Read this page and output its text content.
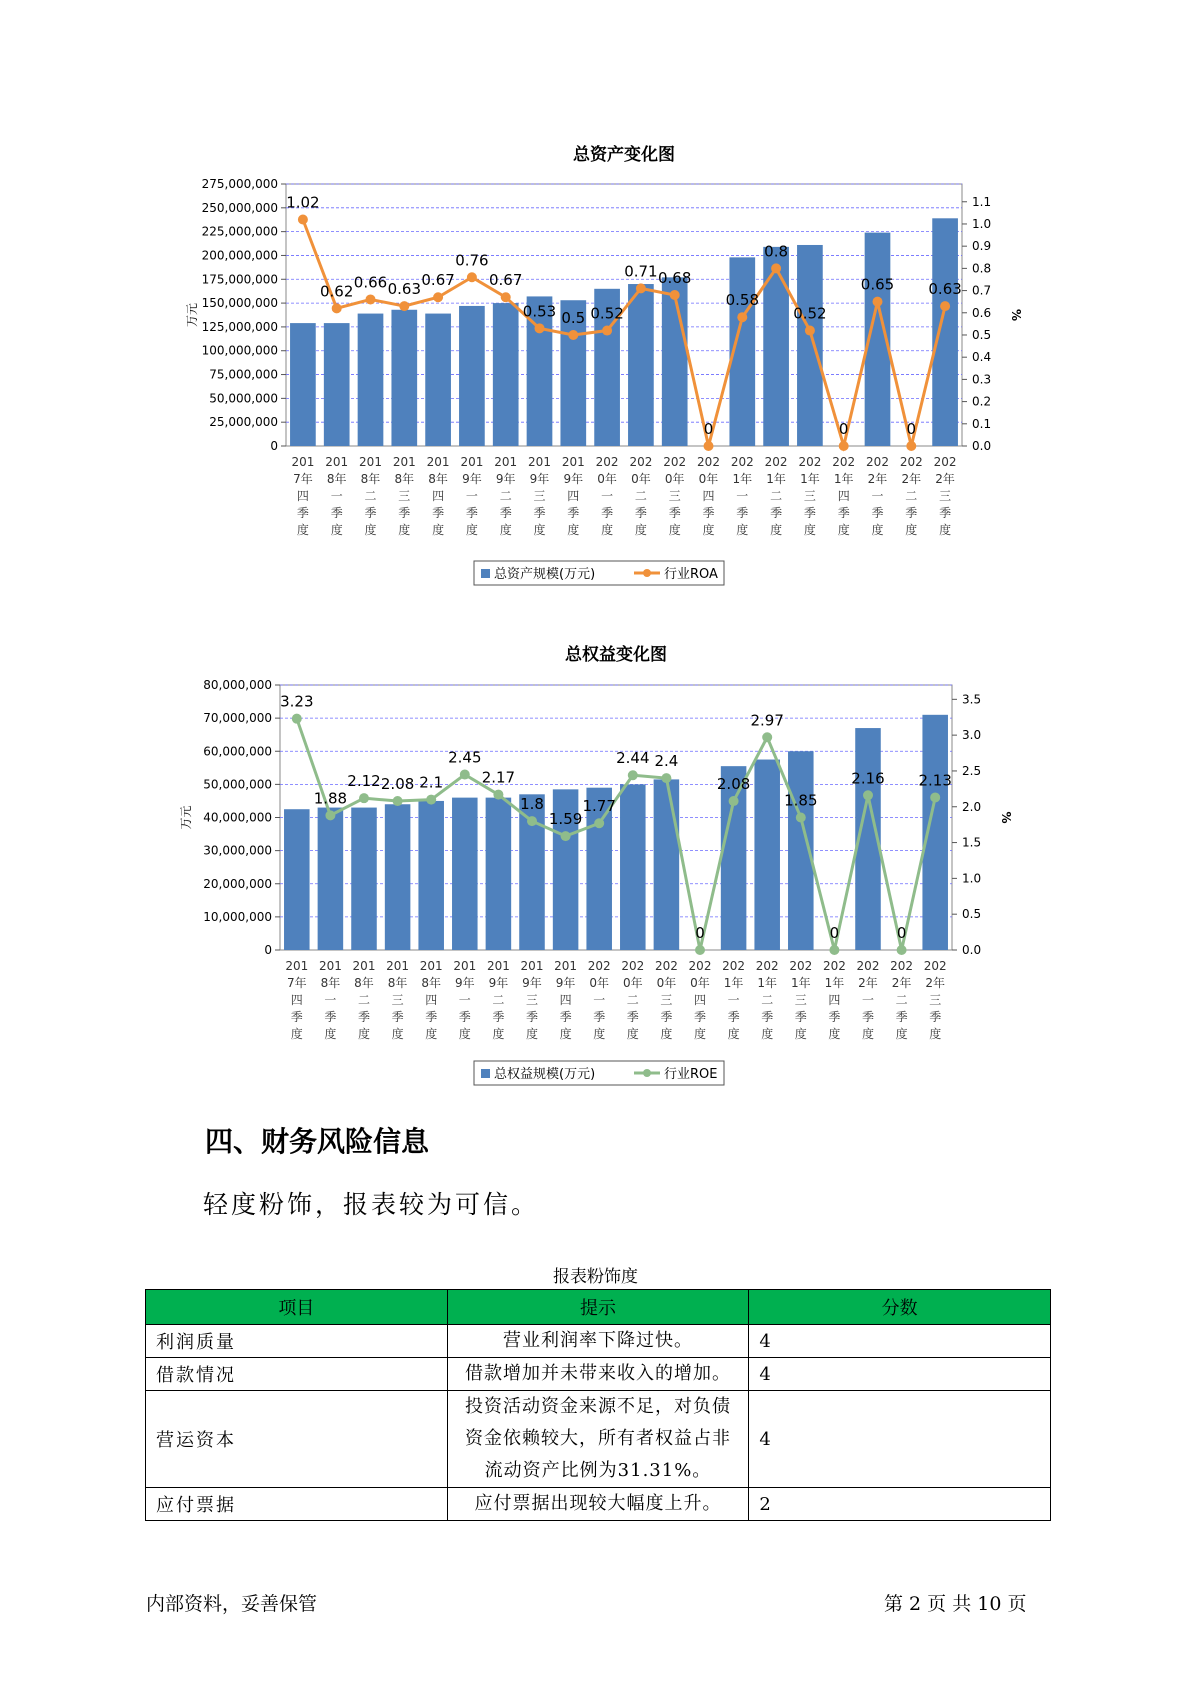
总资产变化图
0
25,000,000
50,000,000
75,000,000
100,000,000
125,000,000
150,000,000
175,000,000
200,000,000
225,000,000
250,000,000
275,000,000
0.0
0.1
0.2
0.3
0.4
0.5
0.6
0.7
0.8
0.9
1.0
1.1
万元	%
1.02
0.62 0.66 0.63 0.67
0.76
0.67
0.53 0.5 0.52
0.71 0.68
0
0.58
0.8
0.52
0
0.65
0
0.63
201 7年四季度
201 8年一季度
201 8年二季度
201 8年三季度
201 8年四季度
201 9年一季度
201 9年二季度
201 9年三季度
201 9年四季度
202 0年一季度
202 0年二季度
202 0年三季度
202 0年四季度
202 1年一季度
202 1年二季度
202 1年三季度
202 1年四季度
202 2年一季度
202 2年二季度
202 2年三季度
总资产规模(万元)	行业ROA
总权益变化图
0
10,000,000
20,000,000
30,000,000
40,000,000
50,000,000
60,000,000
70,000,000
80,000,000
0.0
0.5
1.0
1.5
2.0
2.5
3.0
3.5
万元	%
3.23
1.88
2.12 2.08 2.1
2.45
2.17
1.8
1.59
1.77
2.44 2.4
0
2.08
2.97
1.85
0
2.16
0
2.13
201 7年四季度
201 8年一季度
201 8年二季度
201 8年三季度
201 8年四季度
201 9年一季度
201 9年二季度
201 9年三季度
201 9年四季度
202 0年一季度
202 0年二季度
202 0年三季度
202 0年四季度
202 1年一季度
202 1年二季度
202 1年三季度
202 1年四季度
202 2年一季度
202 2年二季度
202 2年三季度
总权益规模(万元)	行业ROE
四、财务风险信息
轻度粉饰，报表较为可信。
报表粉饰度
项目	提示	分数
利润质量	营业利润率下降过快。	4
借款情况	借款增加并未带来收入的增加。	4
营运资本	投资活动资金来源不足，对负债资金依赖较大，所有者权益占非流动资产比例为31.31%。	4
应付票据	应付票据出现较大幅度上升。	2
内部资料，妥善保管	第 2 页 共 10 页
